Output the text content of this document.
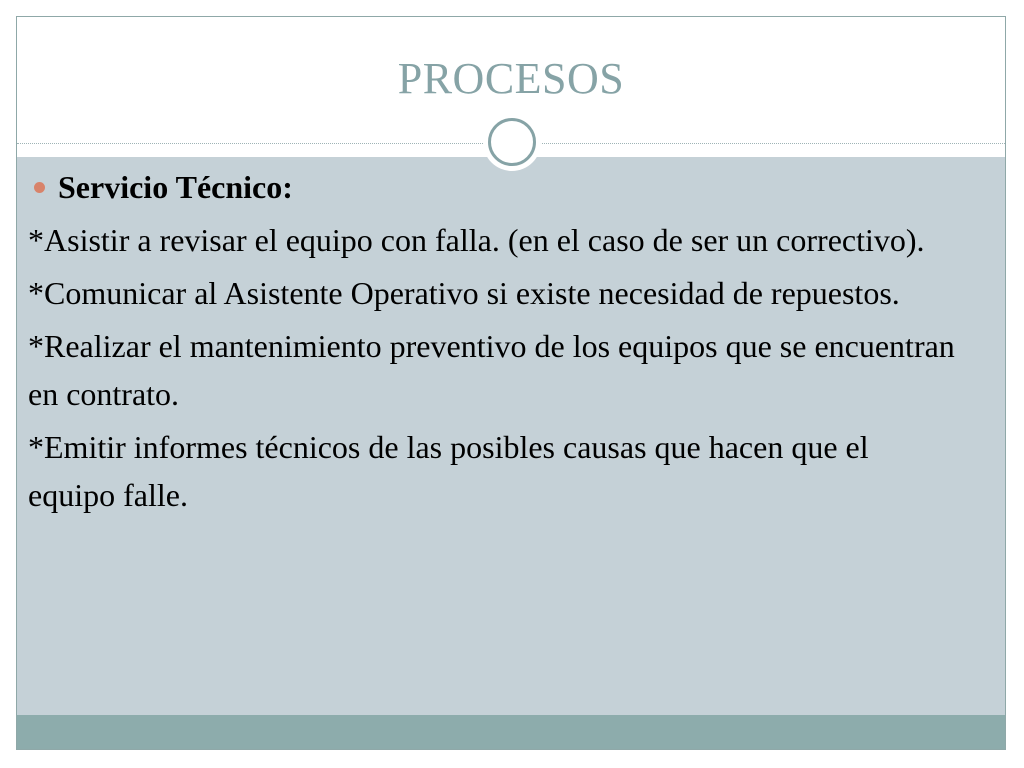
PROCESOS
Servicio Técnico:

*Asistir a revisar el equipo con falla. (en el caso de ser un correctivo).

*Comunicar al Asistente Operativo si existe necesidad de repuestos.

*Realizar el mantenimiento preventivo de los equipos que se encuentran en contrato.

*Emitir informes técnicos de las posibles causas que hacen que el equipo falle.
